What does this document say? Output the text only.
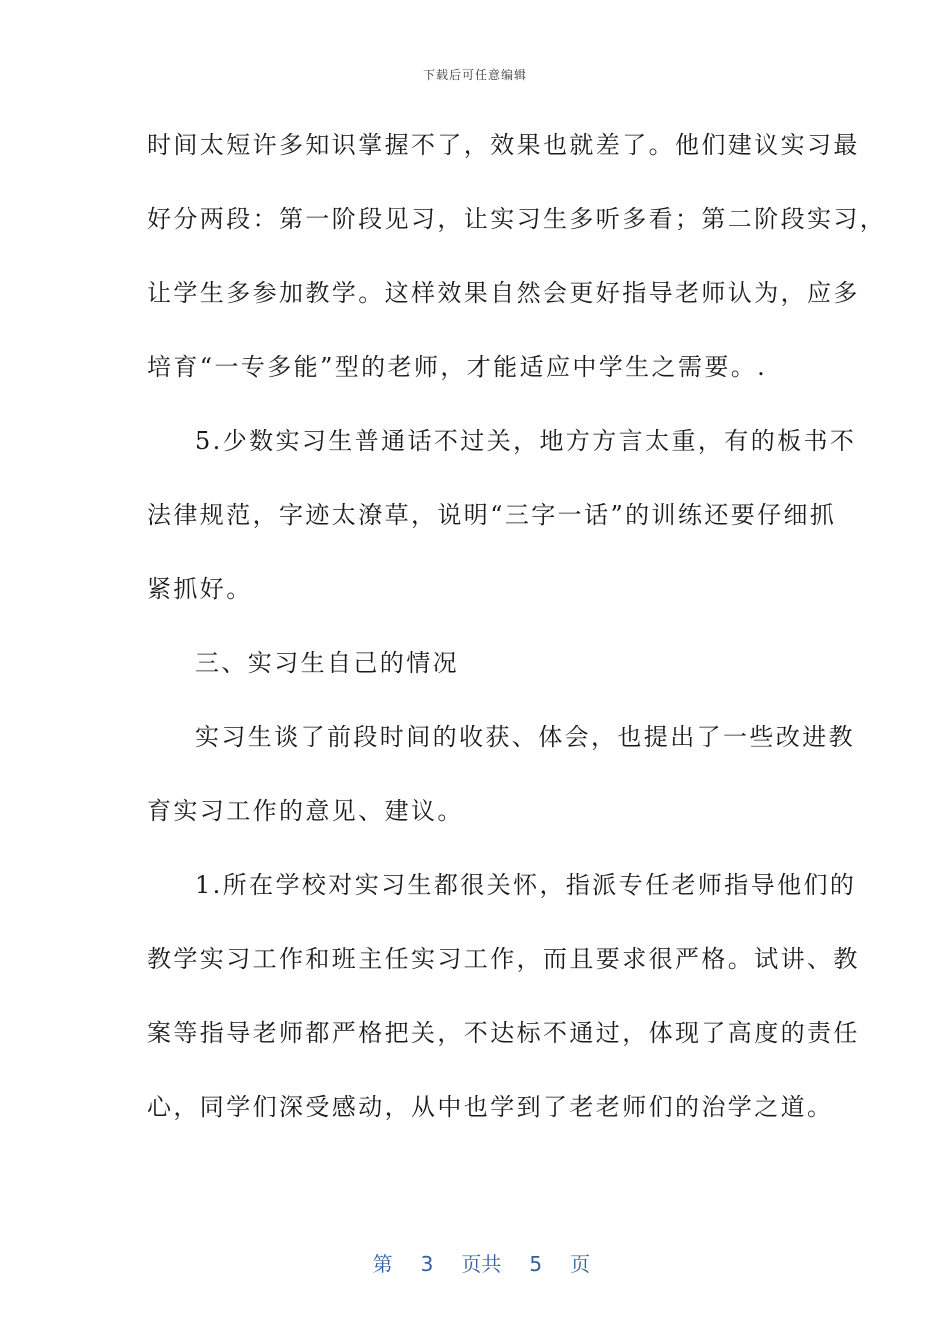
下载后可任意编辑
时间太短许多知识掌握不了，效果也就差了。他们建议实习最
好分两段：第一阶段见习，让实习生多听多看；第二阶段实习，
让学生多参加教学。这样效果自然会更好指导老师认为，应多
培育“一专多能”型的老师，才能适应中学生之需要。.
5.少数实习生普通话不过关，地方方言太重，有的板书不
法律规范，字迹太潦草，说明“三字一话”的训练还要仔细抓
紧抓好。
三、实习生自己的情况
实习生谈了前段时间的收获、体会，也提出了一些改进教
育实习工作的意见、建议。
1.所在学校对实习生都很关怀，指派专任老师指导他们的
教学实习工作和班主任实习工作，而且要求很严格。试讲、教
案等指导老师都严格把关，不达标不通过，体现了高度的责任
心，同学们深受感动，从中也学到了老老师们的治学之道。

第 3 页共 5 页
